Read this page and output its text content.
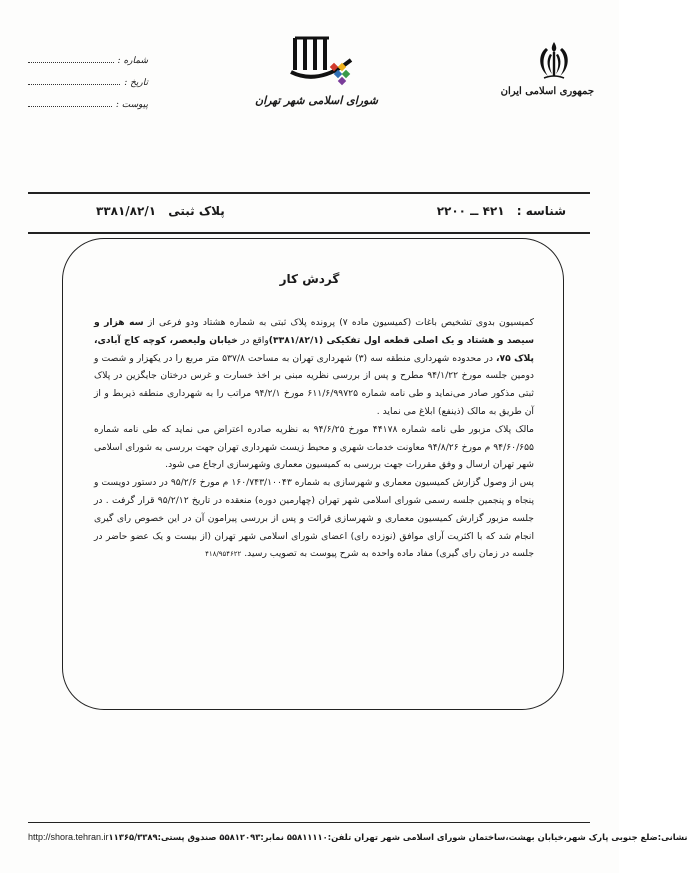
جمهوری اسلامی ایران
شورای اسلامی شهر تهران
شماره :
تاریخ :
پیوست :
شناسه : ۴۲۱ ــ ۲۲۰۰
پلاک ثبتی ۳۳۸۱/۸۲/۱
گردش کار

کمیسیون بدوی تشخیص باغات (کمیسیون ماده ۷) پرونده پلاک ثبتی به شماره هشتاد ودو فرعی از سه هزار و سیصد و هشتاد و یک اصلی قطعه اول تفکیکی (۳۳۸۱/۸۲/۱)واقع در خیابان ولیعصر، کوچه کاج آبادی، پلاک ۷۵، در محدوده شهرداری منطقه سه (۳) شهرداری تهران به مساحت ۵۳۷/۸ متر مربع را در یکهزار و شصت و دومین جلسه مورخ ۹۴/۱/۲۲ مطرح و پس از بررسی نظریه مبنی بر اخذ خسارت و غرس درختان جایگزین در پلاک ثبتی مذکور صادر می‌نماید و طی نامه شماره ۶۱۱/۶/۹۹۷۲۵ مورخ ۹۴/۲/۱ مراتب را به شهرداری منطقه ذیربط و از آن طریق به مالک (ذینفع) ابلاغ می نماید .

مالک پلاک مزبور طی نامه شماره ۴۴۱۷۸ مورخ ۹۴/۶/۲۵ به نظریه صادره اعتراض می نماید که طی نامه شماره ۹۴/۶۰/۶۵۵ م مورخ ۹۴/۸/۲۶ معاونت خدمات شهری و محیط زیست شهرداری تهران جهت بررسی به شورای اسلامی شهر تهران ارسال و وفق مقررات جهت بررسی به کمیسیون معماری وشهرسازی ارجاع می شود.

پس از وصول گزارش کمیسیون معماری و شهرسازی به شماره ۱۶۰/۷۴۳/۱۰۰۴۳ م مورخ ۹۵/۲/۶ در دستور دویست و پنجاه و پنجمین جلسه رسمی شورای اسلامی شهر تهران (چهارمین دوره) منعقده در تاریخ ۹۵/۲/۱۲ قرار گرفت . در جلسه مزبور گزارش کمیسیون معماری و شهرسازی قرائت و پس از بررسی پیرامون آن در این خصوص رای گیری انجام شد که با اکثریت آرای موافق (نوزده رای) اعضای شورای اسلامی شهر تهران (از بیست و یک عضو حاضر در جلسه در زمان رای گیری) مفاد ماده واحده به شرح پیوست به تصویب رسید. ۴۱۸/۹۵۴۶۲۲

http://shora.tehran.ir نشانی:ضلع جنوبی پارک شهر،خیابان بهشت،ساختمان شورای اسلامی شهر تهران تلفن:۵۵۸۱۱۱۱۰ نمابر:۵۵۸۱۲۰۹۳ صندوق پستی:۱۱۳۶۵/۳۳۸۹
